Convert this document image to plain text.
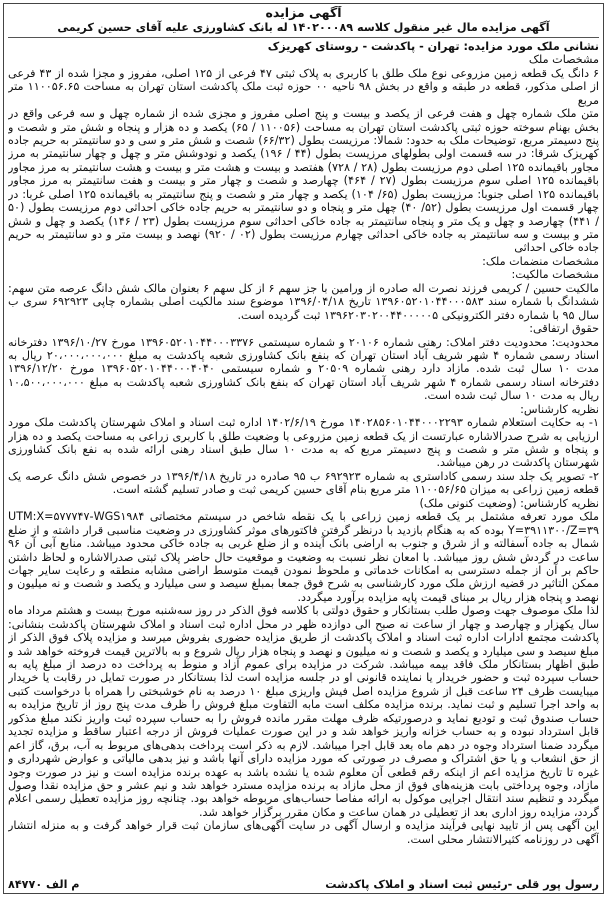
آگهی مزایده
آگهی مزایده مال غیر منقول کلاسه ۱۴۰۲۰۰۰۸۹ له بانک کشاورزی علیه آقای حسین کریمی

نشانی ملک مورد مزایده: تهران - پاکدشت - روستای کهریزک

مشخصات ملک

۶ دانگ یک قطعه زمین مزروعی نوع ملک طلق با کاربری به پلاک ثبتی ۴۷ فرعی از ۱۲۵ اصلی، مفروز و مجزا شده از ۴۳ فرعی از اصلی مذکور، قطعه در طبقه و واقع در بخش ۹۸ ناحیه ۰۰ حوزه ثبت ملک پاکدشت استان تهران به مساحت ۱۱۰۰۵۶.۶۵ متر مربع

متن ملک شماره چهل و هفت فرعی از یکصد و بیست و پنج اصلی مفروز و مجزی شده از شماره چهل و سه فرعی واقع در بخش بهنام سوخته حوزه ثبتی پاکدشت استان تهران به مساحت (۱۱۰۰۵۶ / ۶۵) یکصد و ده هزار و پنجاه و شش متر و شصت و پنج دسیمتر مربع، توضیحات ملک به حدود: شمالا: مرزیست بطول (۶۶/۳۲) شصت و شش متر و سی و دو سانتیمتر به حریم جاده کهریزک شرقا: در سه قسمت اولی بطولهای مرزیست بطول (۴۴ / ۱۹۶) یکصد و نودوشش متر و چهل و چهار سانتیمتر به مرز مجاور باقیمانده ۱۲۵ اصلی دوم مرزیست بطول (۲۸ / ۷۲۸) هفتصد و بیست و هشت متر و بیست و هشت سانتیمتر به مرز مجاور باقیمانده ۱۲۵ اصلی سوم مرزیست بطول (۲۷ / ۴۶۴) چهارصد و شصت و چهار متر و بیست و هفت سانتیمتر به مرز مجاور باقیمانده ۱۲۵ اصلی جنوبا: مرزیست بطول (۶۵/ ۱۰۴) یکصد و چهار متر و شصت و پنج سانتیمتر به باقیمانده ۱۲۵ اصلی غربا: در چهار قسمت اول مرزیست بطول (۵۲/ ۴۰) چهل متر و پنجاه و دو سانتیمتر به حریم جاده خاکی احداثی دوم مرزیست بطول (۵۰ / ۴۴۱) چهارصد و چهل و یک متر و پنجاه سانتیمتر به جاده خاکی احداثی سوم مرزیست بطول (۲۳ / ۱۴۶) یکصد و چهل و شش متر و بیست و سه سانتیمتر به جاده خاکی احداثی چهارم مرزیست بطول (۰۲ / ۹۲۰) نهصد و بیست متر و دو سانتیمتر به حریم جاده خاکی احداثی

مشخصات منضمات ملک:

مشخصات مالکیت:

مالکیت حسین / کریمی فرزند نصرت اله صادره از ورامین با جز سهم ۶ از کل سهم ۶ بعنوان مالک شش دانگ عرصه متن سهم: ششدانگ با شماره سند ۱۳۹۶۰۵۲۰۱۰۴۴۰۰۰۵۸۳ تاریخ ۱۳۹۶/۰۴/۱۸ موضوع سند مالکیت اصلی بشماره چاپی ۶۹۲۹۲۳ سری ب سال ۹۵ با شماره دفتر الکترونیکی ۱۳۹۶۲۰۳۰۲۰۰۴۴۰۰۰۰۰۵ ثبت گردیده است.

حقوق ارتفاقی:

محدودیت: محدودیت دفتر املاک: رهنی شماره ۲۰۱۰۶ و شماره سیستمی ۱۳۹۶۰۵۲۰۱۰۴۴۰۰۰۳۳۷۶ مورخ ۱۳۹۶/۱۰/۲۷ دفترخانه اسناد رسمی شماره ۴ شهر شریف آباد استان تهران که بنفع بانک کشاورزی شعبه پاکدشت به مبلغ ۲۰،۰۰۰،۰۰۰،۰۰۰ ریال به مدت ۱۰ سال ثبت شده. مازاد دارد رهنی شماره ۲۰۵۰۹ و شماره سیستمی ۱۳۹۶۰۵۲۰۱۰۴۴۰۰۰۴۰۴۰ مورخ ۱۳۹۶/۱۲/۲۰ دفترخانه اسناد رسمی شماره ۴ شهر شریف آباد استان تهران که بنفع بانک کشاورزی شعبه پاکدشت به مبلغ ۱۰،۵۰۰،۰۰۰،۰۰۰ ریال به مدت ۱۰ سال ثبت شده است.

نظریه کارشناس:

۱- به حکایت استعلام شماره ۱۴۰۲۸۵۶۰۱۰۴۴۰۰۰۲۲۹۳ مورخ ۱۴۰۲/۶/۱۹ اداره ثبت اسناد و املاک شهرستان پاکدشت ملک مورد ارزیابی به شرح صدرالاشاره عبارتست از یک قطعه زمین مزروعی با وضعیت طلق با کاربری زراعی به مساحت یکصد و ده هزار و پنجاه و شش متر و شصت و پنج دسیمتر مربع که به مدت ۱۰ سال طبق اسناد رهنی ارائه شده به نفع بانک کشاورزی شهرستان پاکدشت در رهن میباشد.

۲- تصویر یک جلد سند رسمی کاداستری به شماره ۶۹۲۹۲۳ ب ۹۵ صادره در تاریخ ۱۳۹۶/۴/۱۸ در خصوص شش دانگ عرصه یک قطعه زمین زراعی به میزان ۱۱۰۰۵۶/۶۵ متر مربع بنام آقای حسین کریمی ثبت و صادر تسلیم گشته است.

نظریه کارشناس: (وضعیت کنونی ملک)

ملک مورد تعرفه مشتمل بر یک قطعه زمین زراعی با یک نقطه شاخص در سیستم مختصاتی UTM:X=۵۷۷۷۴۷-WGS۱۹۸۴ Y=۳۹۱۱۳۰۰/Z=۳۹ بوده که به هنگام بازدید با درنظر گرفتن فاکتورهای موثر کشاورزی در وضعیت مناسبی قرار داشته و از ضلع شمال به جاده آسفالته و از شرق و جنوب به اراضی بانک آینده و از ضلع غربی به جاده خاکی محدود میباشد. منابع آبی آن ۹۶ ساعت در گردش شش روز میباشد. با امعان نظر نسبت به وضعیت و موقعیت حال حاضر پلاک ثبتی صدرالاشاره و لحاظ داشتن حاکم بر آن از جمله دسترسی به امکانات خدماتی و ملحوظ نمودن قیمت متوسط اراضی مشابه منطقه و رعایت سایر جهات ممکن التاثیر در قضیه ارزش ملک مورد کارشناسی به شرح فوق جمعا بمبلغ سیصد و سی میلیارد و یکصد و شصت و نه میلیون و نهصد و پنجاه هزار ریال بر مبنای قیمت پایه مزایده برآورد میگردد.

لذا ملک موصوف جهت وصول طلب بستانکار و حقوق دولتی با کلاسه فوق الذکر در روز سه‌شنبه مورخ بیست و هشتم مرداد ماه سال یکهزار و چهارصد و چهار از ساعت نه صبح الی دوازده ظهر در محل اداره ثبت اسناد و املاک شهرستان پاکدشت بنشانی: پاکدشت مجتمع ادارات اداره ثبت اسناد و املاک پاکدشت از طریق مزایده حضوری بفروش میرسد و مزایده پلاک فوق الذکر از مبلغ سیصد و سی میلیارد و یکصد و شصت و نه میلیون و نهصد و پنجاه هزار ریال شروع و به بالاترین قیمت فروخته خواهد شد و طبق اظهار بستانکار ملک فاقد بیمه میباشد. شرکت در مزایده برای عموم آزاد و منوط به پرداخت ده درصد از مبلغ پایه به حساب سپرده ثبت و حضور خریدار یا نماینده قانونی او در جلسه مزایده است لذا بستانکار در صورت تمایل در رقابت یا خریدار میبایست ظرف ۲۴ ساعت قبل از شروع مزایده اصل فیش واریزی مبلغ ۱۰ درصد به نام خوشبختی را همراه با درخواست کتبی به واحد اجرا تسلیم و ثبت نماید. برنده مزایده مکلف است مابه التفاوت مبلغ فروش را ظرف مدت پنج روز از تاریخ مزایده به حساب صندوق ثبت و تودیع نماید و درصورتیکه ظرف مهلت مقرر مانده فروش را به حساب سپرده ثبت واریز نکند مبلغ مذکور قابل استرداد نبوده و به حساب خزانه واریز خواهد شد و در این صورت عملیات فروش از درجه اعتبار ساقط و مزایده تجدید میگردد ضمنا استرداد وجوه در دهم ماه بعد قابل اجرا میباشد. لازم به ذکر است پرداخت بدهی‌های مربوط به آب، برق، گاز اعم از حق انشعاب و یا حق اشتراک و مصرف در صورتی که مورد مزایده دارای آنها باشد و نیز بدهی مالیاتی و عوارض شهرداری و غیره تا تاریخ مزایده اعم از اینکه رقم قطعی آن معلوم شده یا نشده باشد به عهده برنده مزایده است و نیز در صورت وجود مازاد، وجوه پرداختی بابت هزینه‌های فوق از محل مازاد به برنده مزایده مسترد خواهد شد و نیم عشر و حق مزایده نقدا وصول میگردد و تنظیم سند انتقال اجرایی موکول به ارائه مفاصا حساب‌های مربوطه خواهد بود. چنانچه روز مزایده تعطیل رسمی اعلام گردد، مزایده روز اداری بعد از تعطیلی در همان ساعت و مکان مقرر برگزار خواهد شد.

این آگهی پس از تایید نهایی فرآیند مزایده و ارسال آگهی در سایت آگهی‌های سازمان ثبت قرار خواهد گرفت و به منزله انتشار آگهی در روزنامه کثیرالانتشار محلی است.

رسول پور قلی -رئیس ثبت اسناد و املاک پاکدشت
م الف ۸۴۷۷۰
